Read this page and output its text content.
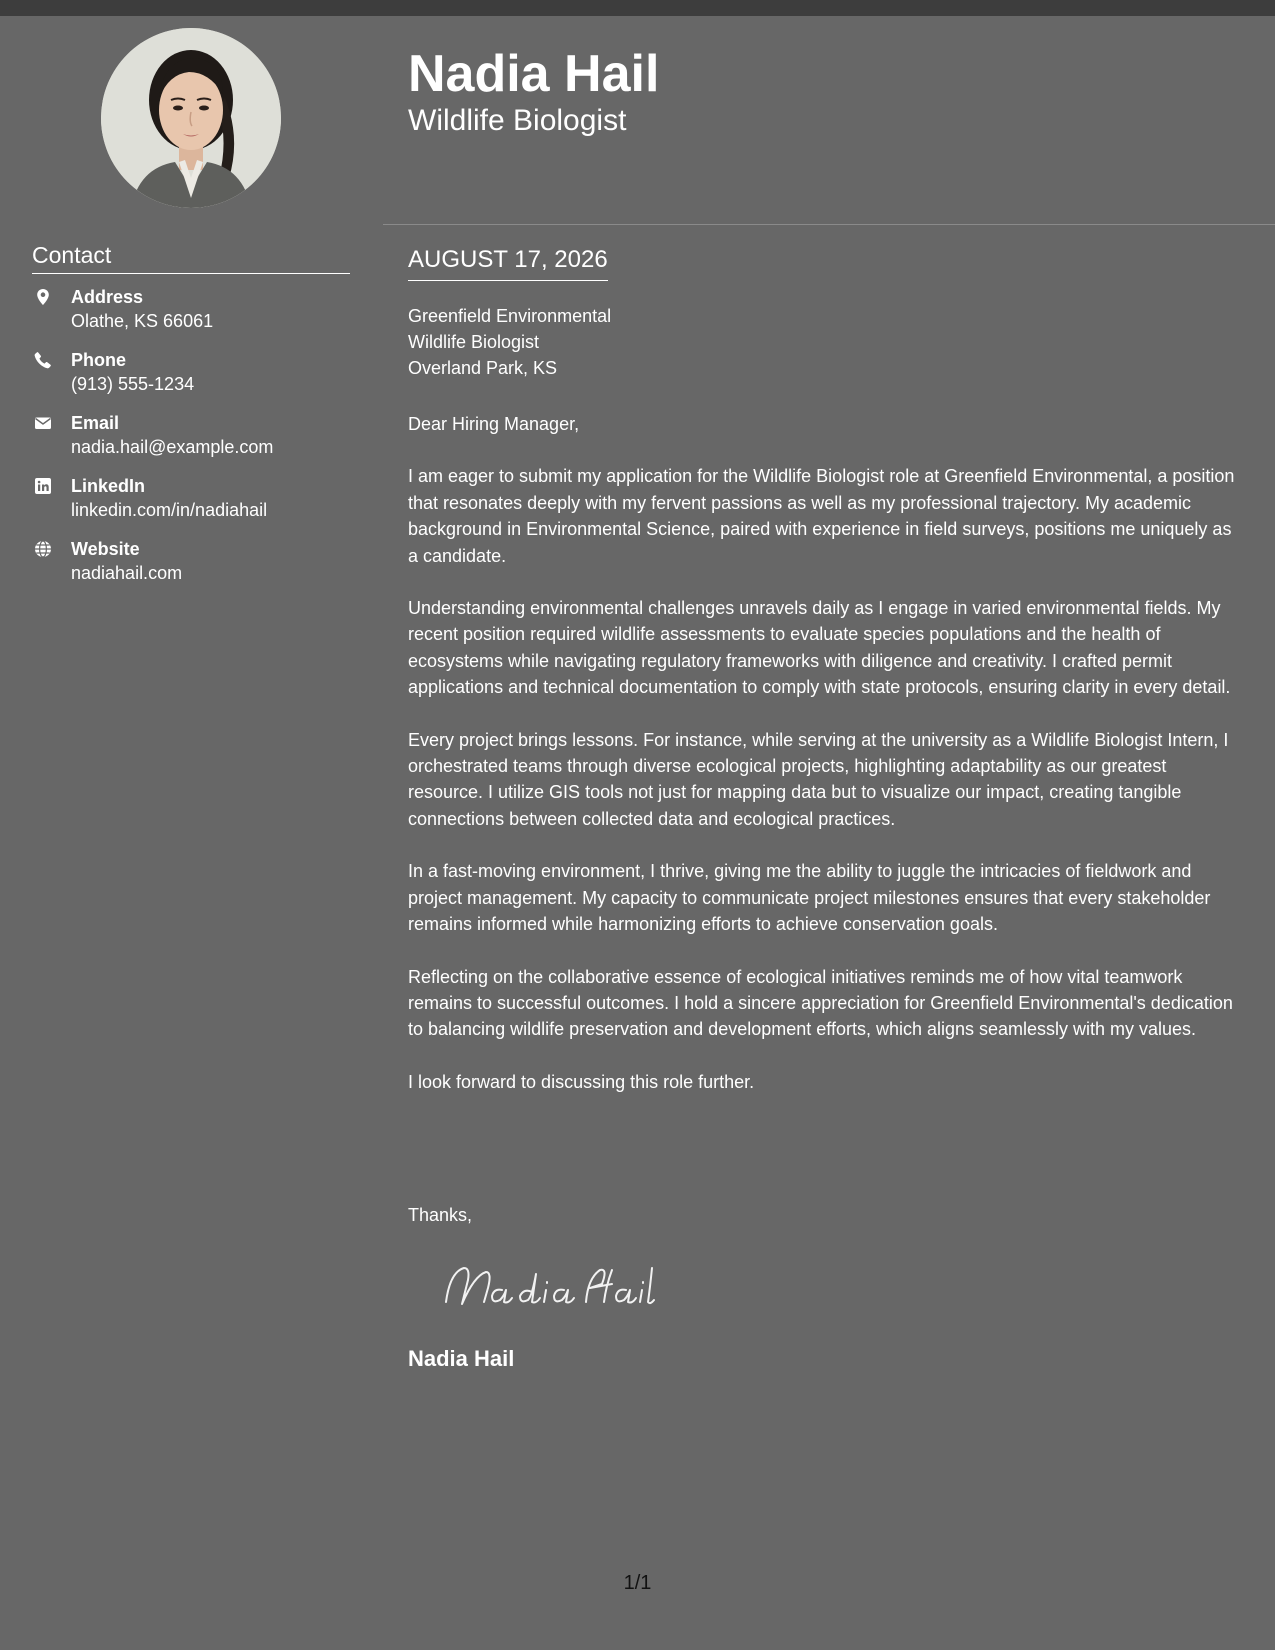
Contact
Address
Olathe, KS 66061
Phone
(913) 555-1234
Email
nadia.hail@example.com
LinkedIn
linkedin.com/in/nadiahail
Website
nadiahail.com
Nadia Hail
Wildlife Biologist
AUGUST 17, 2026
Greenfield Environmental
Wildlife Biologist
Overland Park, KS

Dear Hiring Manager,

I am eager to submit my application for the Wildlife Biologist role at Greenfield Environmental, a position that resonates deeply with my fervent passions as well as my professional trajectory. My academic background in Environmental Science, paired with experience in field surveys, positions me uniquely as a candidate.

Understanding environmental challenges unravels daily as I engage in varied environmental fields. My recent position required wildlife assessments to evaluate species populations and the health of ecosystems while navigating regulatory frameworks with diligence and creativity. I crafted permit applications and technical documentation to comply with state protocols, ensuring clarity in every detail.

Every project brings lessons. For instance, while serving at the university as a Wildlife Biologist Intern, I orchestrated teams through diverse ecological projects, highlighting adaptability as our greatest resource. I utilize GIS tools not just for mapping data but to visualize our impact, creating tangible connections between collected data and ecological practices.

In a fast-moving environment, I thrive, giving me the ability to juggle the intricacies of fieldwork and project management. My capacity to communicate project milestones ensures that every stakeholder remains informed while harmonizing efforts to achieve conservation goals.

Reflecting on the collaborative essence of ecological initiatives reminds me of how vital teamwork remains to successful outcomes. I hold a sincere appreciation for Greenfield Environmental's dedication to balancing wildlife preservation and development efforts, which aligns seamlessly with my values.

I look forward to discussing this role further.

Thanks,
Nadia Hail
1/1
